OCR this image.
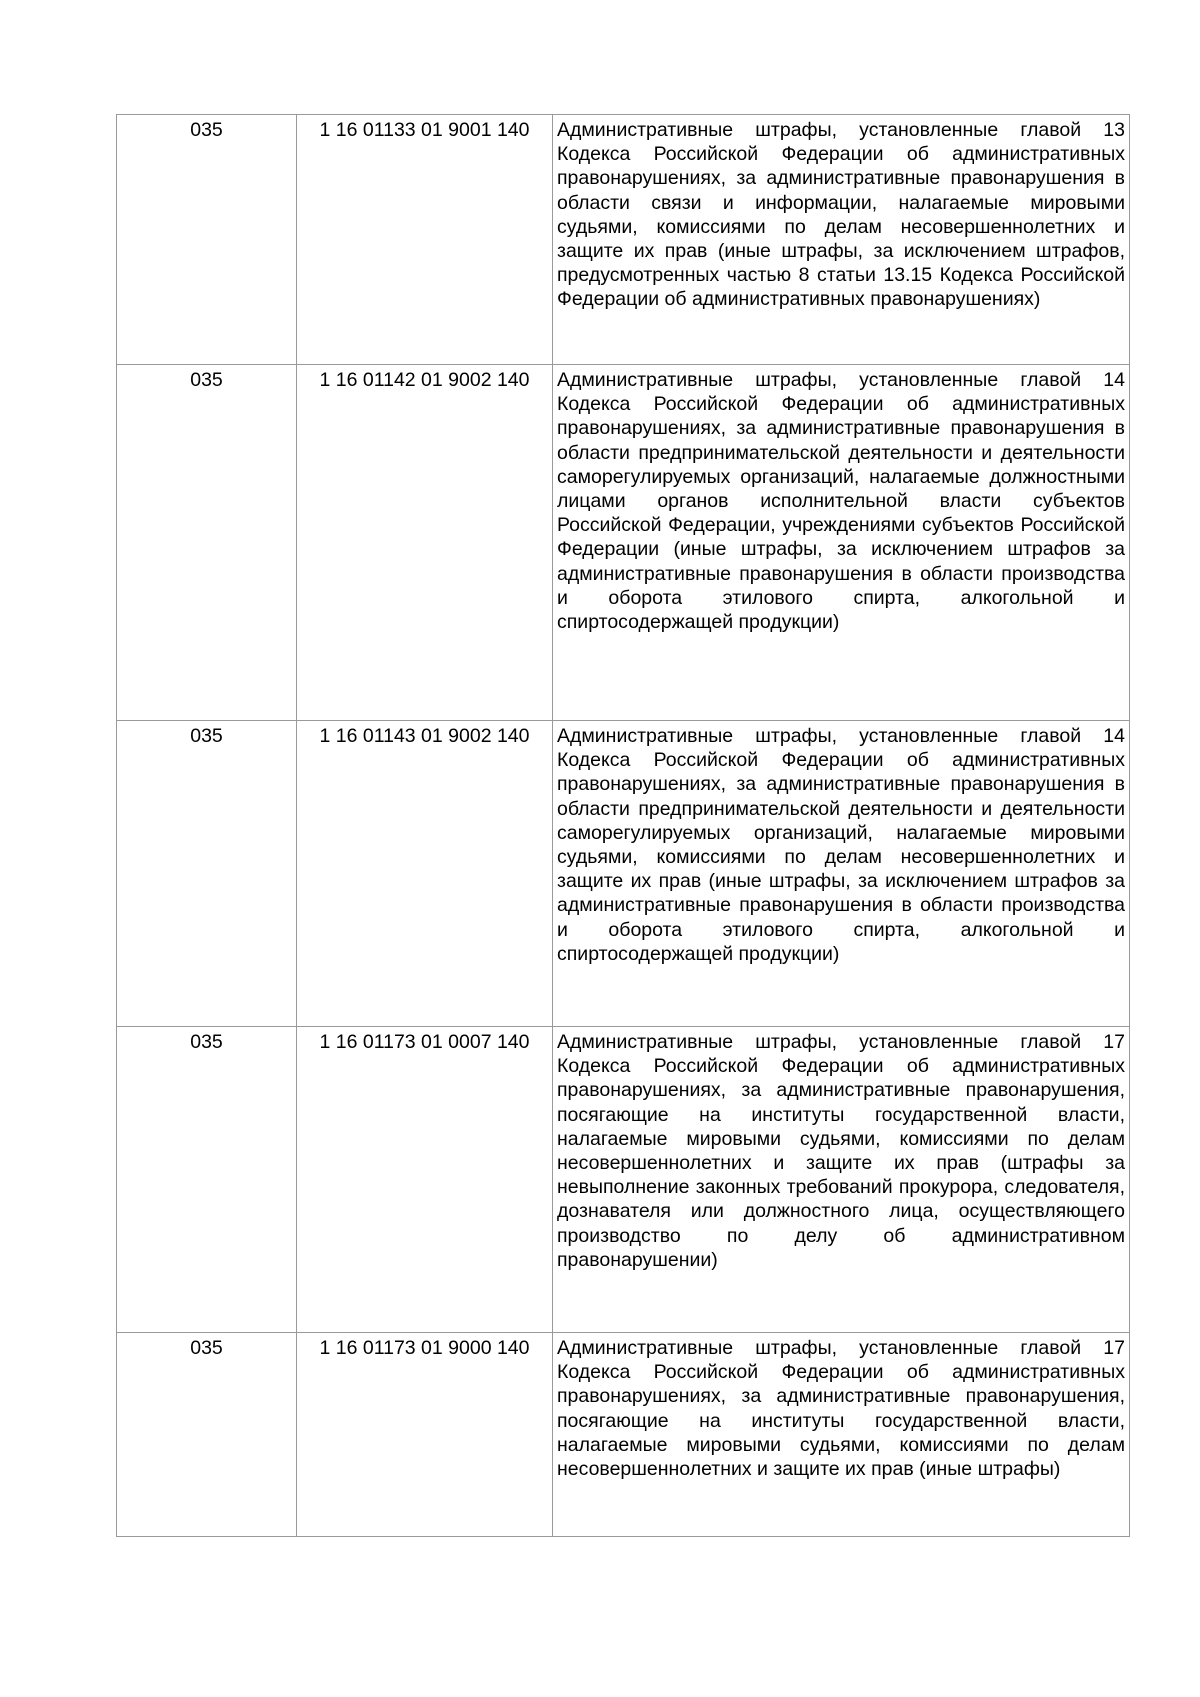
035	1 16 01133 01 9001 140	Административные штрафы, установленные главой 13 Кодекса Российской Федерации об административных правонарушениях, за административные правонарушения в области связи и информации, налагаемые мировыми судьями, комиссиями по делам несовершеннолетних и защите их прав (иные штрафы, за исключением штрафов, предусмотренных частью 8 статьи 13.15 Кодекса Российской Федерации об административных правонарушениях)

035	1 16 01142 01 9002 140	Административные штрафы, установленные главой 14 Кодекса Российской Федерации об административных правонарушениях, за административные правонарушения в области предпринимательской деятельности и деятельности саморегулируемых организаций, налагаемые должностными лицами органов исполнительной власти субъектов Российской Федерации, учреждениями субъектов Российской Федерации (иные штрафы, за исключением штрафов за административные правонарушения в области производства и оборота этилового спирта, алкогольной и спиртосодержащей продукции)

035	1 16 01143 01 9002 140	Административные штрафы, установленные главой 14 Кодекса Российской Федерации об административных правонарушениях, за административные правонарушения в области предпринимательской деятельности и деятельности саморегулируемых организаций, налагаемые мировыми судьями, комиссиями по делам несовершеннолетних и защите их прав (иные штрафы, за исключением штрафов за административные правонарушения в области производства и оборота этилового спирта, алкогольной и спиртосодержащей продукции)

035	1 16 01173 01 0007 140	Административные штрафы, установленные главой 17 Кодекса Российской Федерации об административных правонарушениях, за административные правонарушения, посягающие на институты государственной власти, налагаемые мировыми судьями, комиссиями по делам несовершеннолетних и защите их прав (штрафы за невыполнение законных требований прокурора, следователя, дознавателя или должностного лица, осуществляющего производство по делу об административном правонарушении)

035	1 16 01173 01 9000 140	Административные штрафы, установленные главой 17 Кодекса Российской Федерации об административных правонарушениях, за административные правонарушения, посягающие на институты государственной власти, налагаемые мировыми судьями, комиссиями по делам несовершеннолетних и защите их прав (иные штрафы)
